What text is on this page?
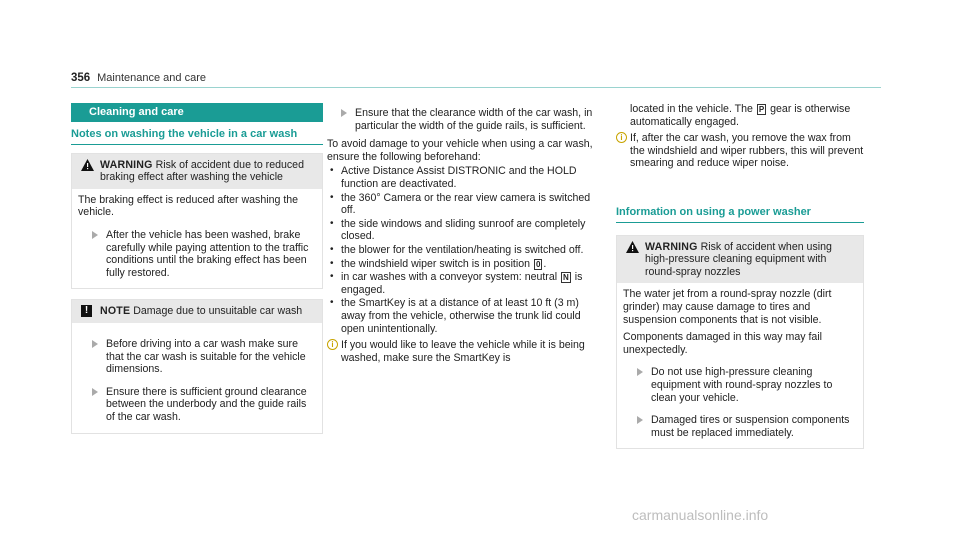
356 Maintenance and care
Cleaning and care
Notes on washing the vehicle in a car wash
WARNING Risk of accident due to reduced braking effect after washing the vehicle

The braking effect is reduced after washing the vehicle.

After the vehicle has been washed, brake carefully while paying attention to the traffic conditions until the braking effect has been fully restored.
!	NOTE Damage due to unsuitable car wash
Before driving into a car wash make sure that the car wash is suitable for the vehicle dimensions.
Ensure there is sufficient ground clearance between the underbody and the guide rails of the car wash.
Ensure that the clearance width of the car wash, in particular the width of the guide rails, is sufficient.

To avoid damage to your vehicle when using a car wash, ensure the following beforehand:

• Active Distance Assist DISTRONIC and the HOLD function are deactivated.
• the 360° Camera or the rear view camera is switched off.
• the side windows and sliding sunroof are completely closed.
• the blower for the ventilation/heating is switched off.
• the windshield wiper switch is in position 0 .
• in car washes with a conveyor system: neutral N is engaged.
• the SmartKey is at a distance of at least 10 ft (3 m) away from the vehicle, otherwise the trunk lid could open unintentionally.
i If you would like to leave the vehicle while it is being washed, make sure the SmartKey is

located in the vehicle. The P gear is otherwise automatically engaged.

i If, after the car wash, you remove the wax from the windshield and wiper rubbers, this will prevent smearing and reduce wiper noise.
Information on using a power washer
WARNING Risk of accident when using high-pressure cleaning equipment with round-spray nozzles

The water jet from a round-spray nozzle (dirt grinder) may cause damage to tires and suspension components that is not visible.

Components damaged in this way may fail unexpectedly.

Do not use high-pressure cleaning equipment with round-spray nozzles to clean your vehicle.
Damaged tires or suspension components must be replaced immediately.
carmanualsonline.info
